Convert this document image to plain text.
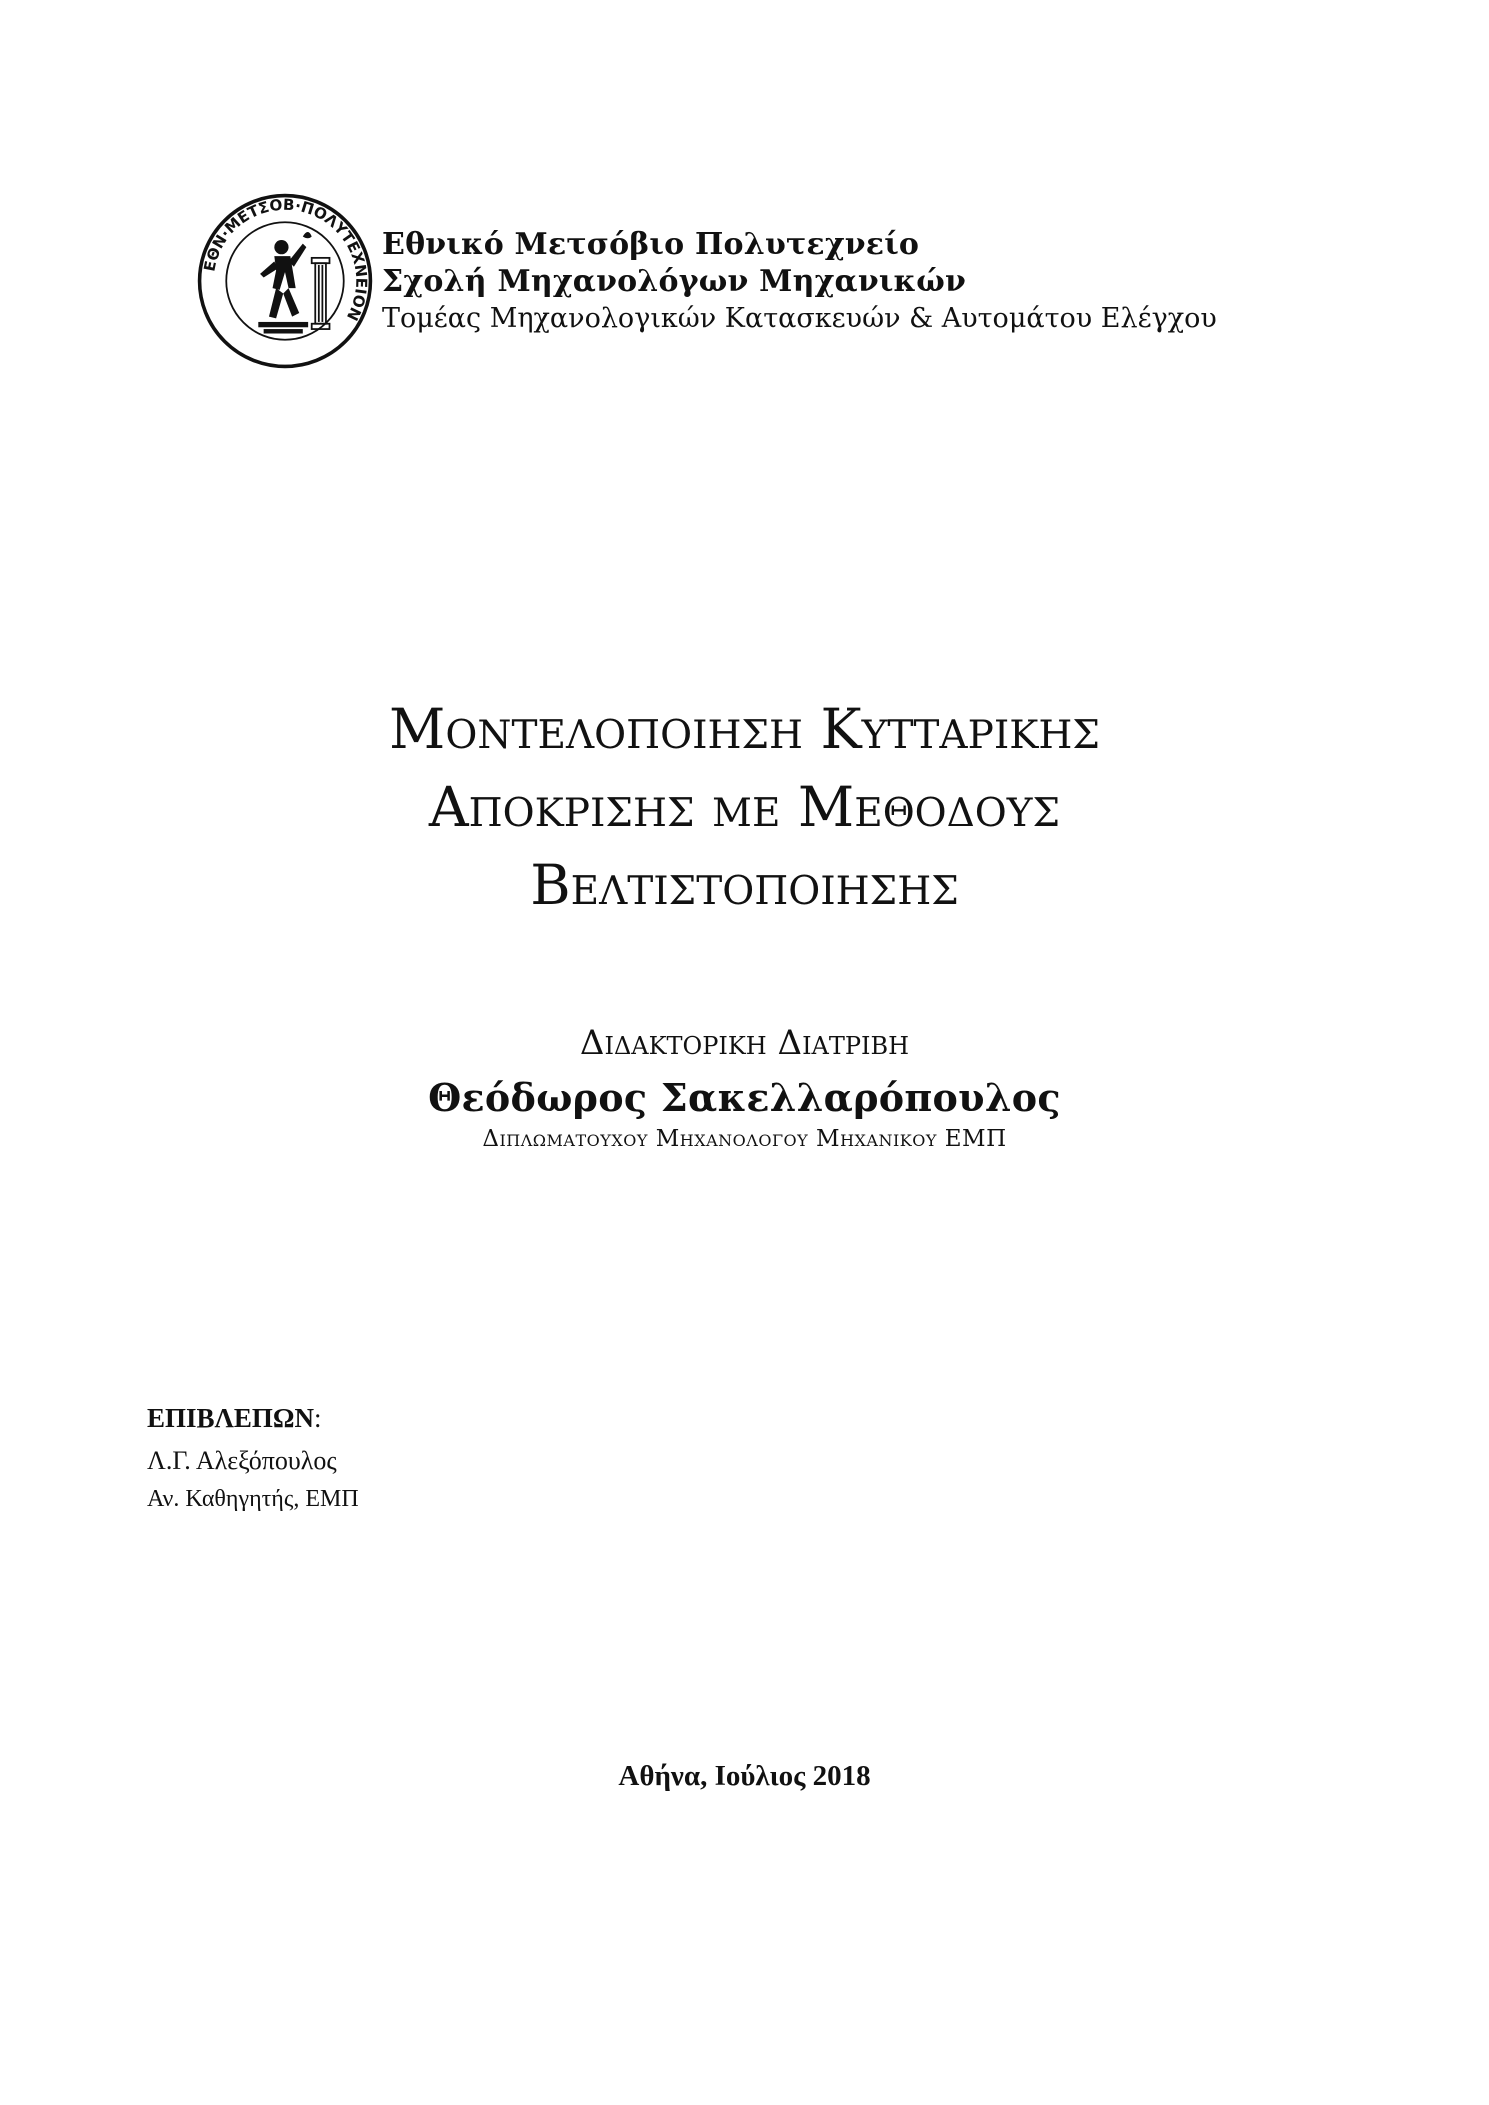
ΕΘΝ·ΜΕΤΣΟΒ·ΠΟΛΥΤΕΧΝΕΙΟΝ
Εθνικό Μετσόβιο Πολυτεχνείο
Σχολή Μηχανολόγων Μηχανικών
Τομέας Μηχανολογικών Κατασκευών & Αυτομάτου Ελέγχου
Μοντελοποιηση Κυτταρικης
Αποκρισης με Μεθοδους
Βελτιστοποιησης
Διδακτορικη Διατριβη
Θεόδωρος Σακελλαρόπουλος
Διπλωματουχου Μηχανολογου Μηχανικου ΕΜΠ
ΕΠΙΒΛΕΠΩΝ:
Λ.Γ. Αλεξόπουλος
Αν. Καθηγητής, ΕΜΠ
Αθήνα, Ιούλιος 2018
